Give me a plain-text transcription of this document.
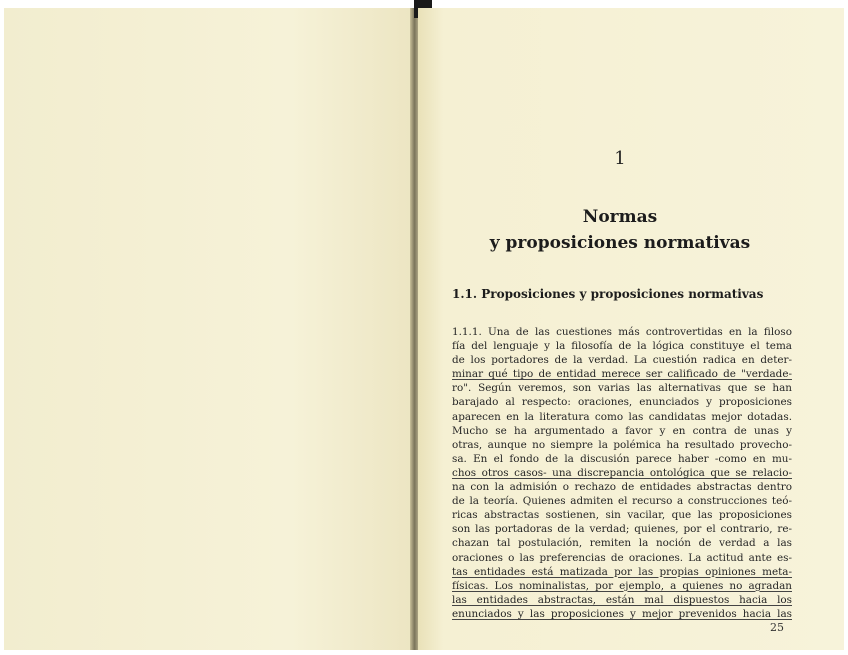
1
Normas
y proposiciones normativas
1.1. Proposiciones y proposiciones normativas
1.1.1. Una de las cuestiones más controvertidas en la filoso
fía del lenguaje y la filosofía de la lógica constituye el tema
de los portadores de la verdad. La cuestión radica en deter-
minar qué tipo de entidad merece ser calificado de "verdade-
ro". Según veremos, son varias las alternativas que se han
barajado al respecto: oraciones, enunciados y proposiciones
aparecen en la literatura como las candidatas mejor dotadas.
Mucho se ha argumentado a favor y en contra de unas y
otras, aunque no siempre la polémica ha resultado provecho-
sa. En el fondo de la discusión parece haber -como en mu-
chos otros casos- una discrepancia ontológica que se relacio-
na con la admisión o rechazo de entidades abstractas dentro
de la teoría. Quienes admiten el recurso a construcciones teó-
ricas abstractas sostienen, sin vacilar, que las proposiciones
son las portadoras de la verdad; quienes, por el contrario, re-
chazan tal postulación, remiten la noción de verdad a las
oraciones o las preferencias de oraciones. La actitud ante es-
tas entidades está matizada por las propias opiniones meta-
físicas. Los nominalistas, por ejemplo, a quienes no agradan
las entidades abstractas, están mal dispuestos hacia los
enunciados y las proposiciones y mejor prevenidos hacia las
25
